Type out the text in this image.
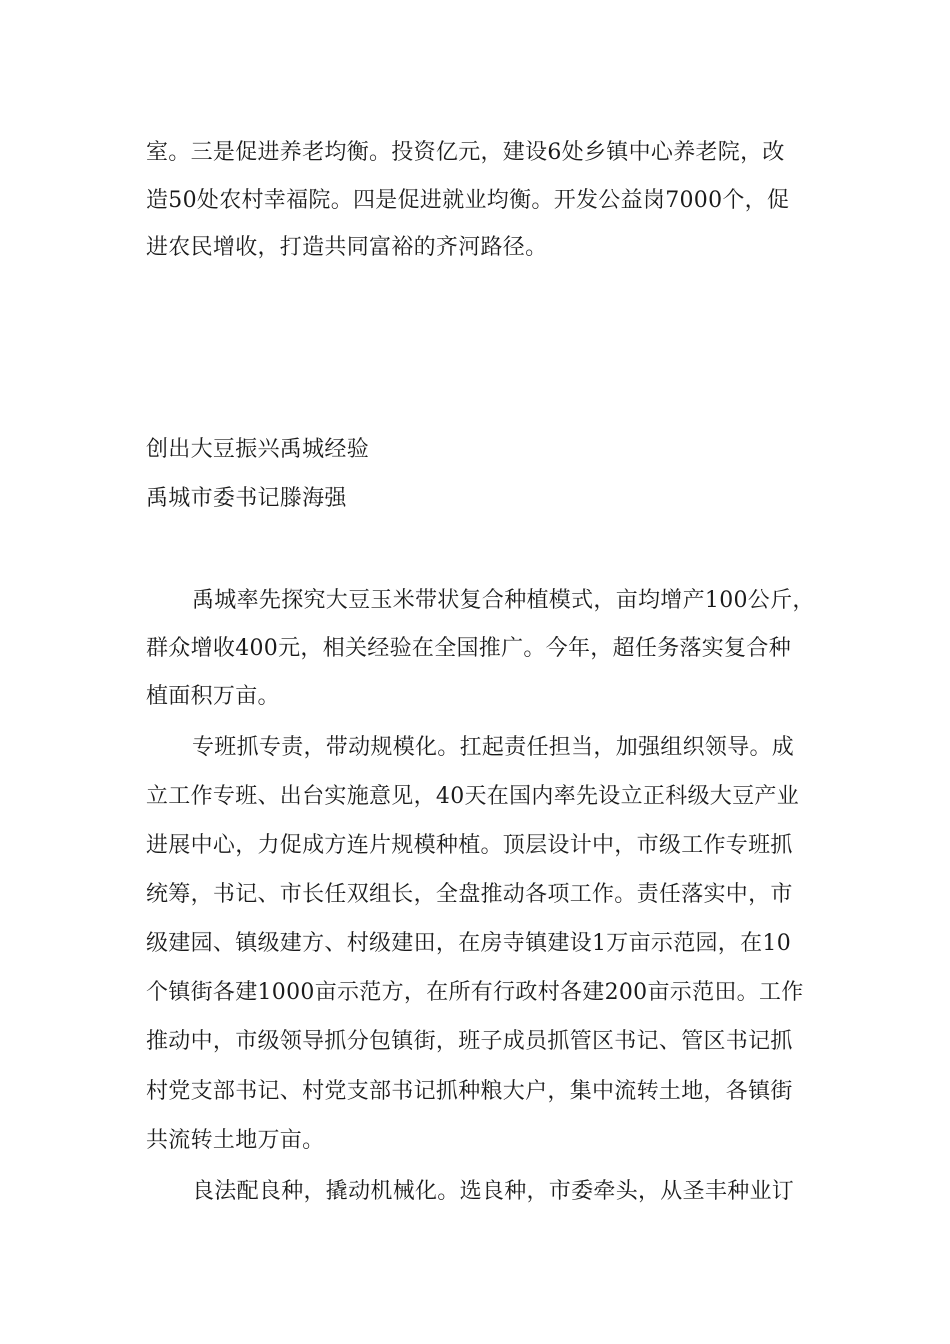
室。三是促进养老均衡。投资亿元，建设6处乡镇中心养老院，改
造50处农村幸福院。四是促进就业均衡。开发公益岗7000个，促
进农民增收，打造共同富裕的齐河路径。
创出大豆振兴禹城经验
禹城市委书记滕海强
禹城率先探究大豆玉米带状复合种植模式，亩均增产100公斤，
群众增收400元，相关经验在全国推广。今年，超任务落实复合种
植面积万亩。
专班抓专责，带动规模化。扛起责任担当，加强组织领导。成
立工作专班、出台实施意见，40天在国内率先设立正科级大豆产业
进展中心，力促成方连片规模种植。顶层设计中，市级工作专班抓
统筹，书记、市长任双组长，全盘推动各项工作。责任落实中，市
级建园、镇级建方、村级建田，在房寺镇建设1万亩示范园，在10
个镇街各建1000亩示范方，在所有行政村各建200亩示范田。工作
推动中，市级领导抓分包镇街，班子成员抓管区书记、管区书记抓
村党支部书记、村党支部书记抓种粮大户，集中流转土地，各镇街
共流转土地万亩。
良法配良种，撬动机械化。选良种，市委牵头，从圣丰种业订
